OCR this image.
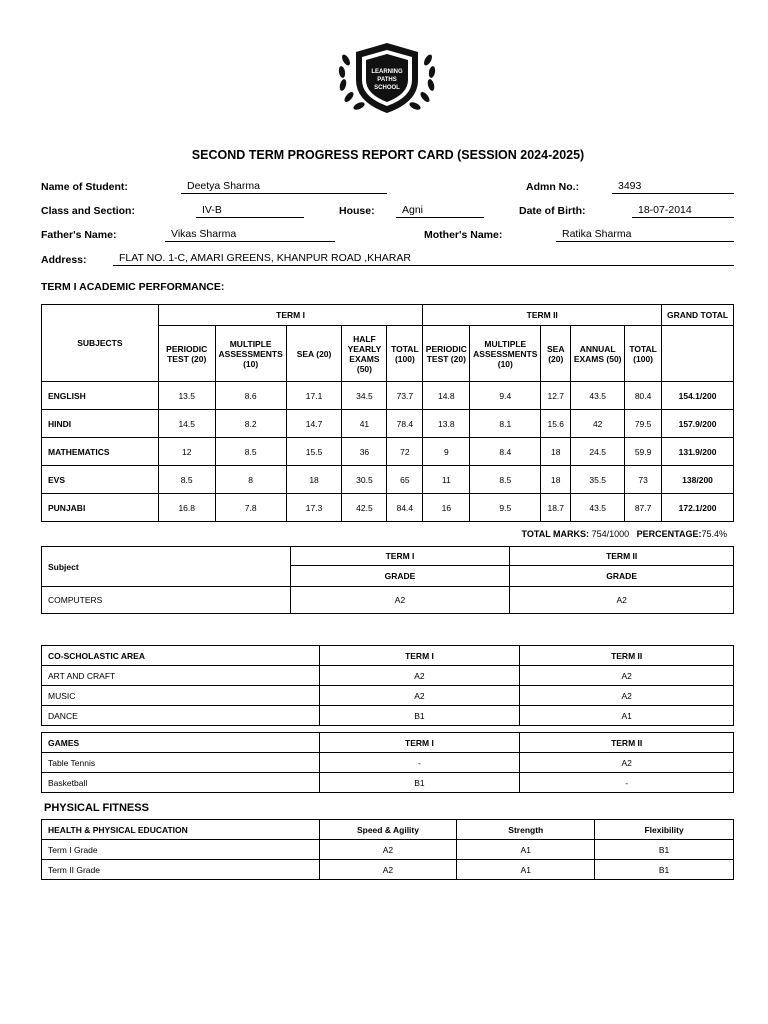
LEARNING
PATHS
SCHOOL
SECOND TERM PROGRESS REPORT CARD (SESSION 2024-2025)
Name of Student:	Deetya Sharma	Admn No.:	3493
Class and Section:	IV-B	House:	Agni	Date of Birth:	18-07-2014
Father's Name:	Vikas Sharma	Mother's Name:	Ratika Sharma
Address:	FLAT NO. 1-C, AMARI GREENS, KHANPUR ROAD ,KHARAR
TERM I ACADEMIC PERFORMANCE:
SUBJECTS	TERM I					TERM II					GRAND TOTAL
	PERIODIC TEST (20)	MULTIPLE ASSESSMENTS (10)	SEA (20)	HALF YEARLY EXAMS (50)	TOTAL (100)	PERIODIC TEST (20)	MULTIPLE ASSESSMENTS (10)	SEA (20)	ANNUAL EXAMS (50)	TOTAL (100)	
ENGLISH	13.5	8.6	17.1	34.5	73.7	14.8	9.4	12.7	43.5	80.4	154.1/200
HINDI	14.5	8.2	14.7	41	78.4	13.8	8.1	15.6	42	79.5	157.9/200
MATHEMATICS	12	8.5	15.5	36	72	9	8.4	18	24.5	59.9	131.9/200
EVS	8.5	8	18	30.5	65	11	8.5	18	35.5	73	138/200
PUNJABI	16.8	7.8	17.3	42.5	84.4	16	9.5	18.7	43.5	87.7	172.1/200
TOTAL MARKS: 754/1000 PERCENTAGE:75.4%
Subject	TERM I	TERM II
	GRADE	GRADE
COMPUTERS	A2	A2
CO-SCHOLASTIC AREA	TERM I	TERM II
ART AND CRAFT	A2	A2
MUSIC	A2	A2
DANCE	B1	A1
GAMES	TERM I	TERM II
Table Tennis	-	A2
Basketball	B1	-
PHYSICAL FITNESS
HEALTH & PHYSICAL EDUCATION	Speed & Agility	Strength	Flexibility
Term I Grade	A2	A1	B1
Term II Grade	A2	A1	B1
